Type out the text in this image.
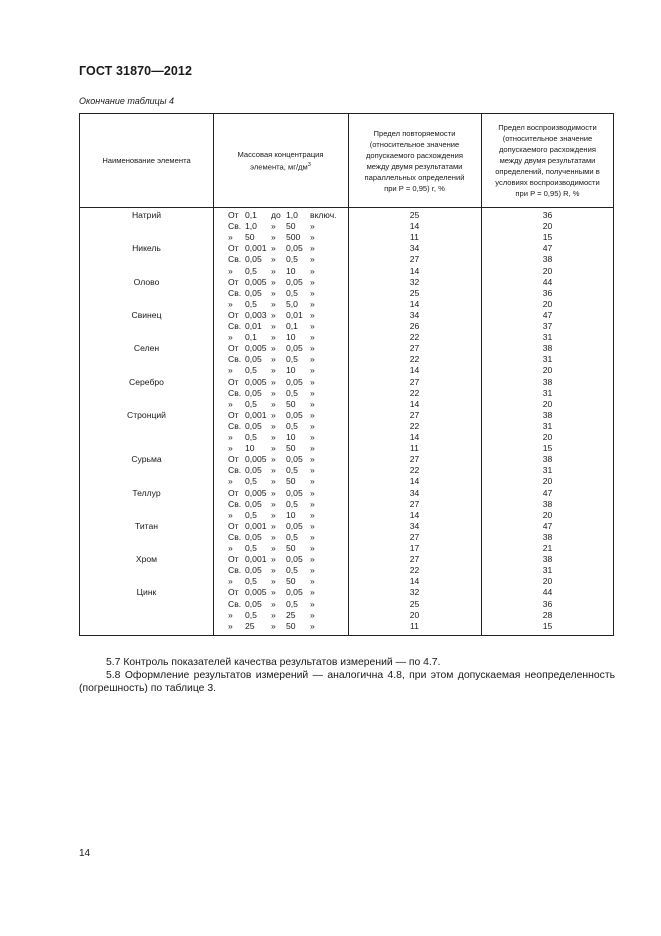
ГОСТ 31870—2012
Окончание таблицы 4
Наименование элемента
Массовая концентрация
элемента, $мг/дм^3$
Предел повторяемости
(относительное значение
допускаемого расхождения
между двумя результатами
параллельных определений
при P = 0,95) r, %
Предел воспроизводимости
(относительное значение
допускаемого расхождения
между двумя результатами
определений, полученными в
условиях воспроизводимости
при P = 0,95) R, %
Натрий	От 0,1 до 1,0 включ.	25	36
Св. 1,0 » 50 »	14	20
» 50 » 500 »	11	15
Никель	От 0,001 » 0,05 »	34	47
Св. 0,05 » 0,5 »	27	38
» 0,5 » 10 »	14	20
Олово	От 0,005 » 0,05 »	32	44
Св. 0,05 » 0,5 »	25	36
» 0,5 » 5,0 »	14	20
Свинец	От 0,003 » 0,01 »	34	47
Св. 0,01 » 0,1 »	26	37
» 0,1 » 10 »	22	31
Селен	От 0,005 » 0,05 »	27	38
Св. 0,05 » 0,5 »	22	31
» 0,5 » 10 »	14	20
Серебро	От 0,005 » 0,05 »	27	38
Св. 0,05 » 0,5 »	22	31
» 0,5 » 50 »	14	20
Стронций	От 0,001 » 0,05 »	27	38
Св. 0,05 » 0,5 »	22	31
» 0,5 » 10 »	14	20
» 10 » 50 »	11	15
Сурьма	От 0,005 » 0,05 »	27	38
Св. 0,05 » 0,5 »	22	31
» 0,5 » 50 »	14	20
Теллур	От 0,005 » 0,05 »	34	47
Св. 0,05 » 0,5 »	27	38
» 0,5 » 10 »	14	20
Титан	От 0,001 » 0,05 »	34	47
Св. 0,05 » 0,5 »	27	38
» 0,5 » 50 »	17	21
Хром	От 0,001 » 0,05 »	27	38
Св. 0,05 » 0,5 »	22	31
» 0,5 » 50 »	14	20
Цинк	От 0,005 » 0,05 »	32	44
Св. 0,05 » 0,5 »	25	36
» 0,5 » 25 »	20	28
» 25 » 50 »	11	15
5.7 Контроль показателей качества результатов измерений — по 4.7.
5.8 Оформление результатов измерений — аналогична 4.8, при этом допускаемая неопределенность (погрешность) по таблице 3.
14
